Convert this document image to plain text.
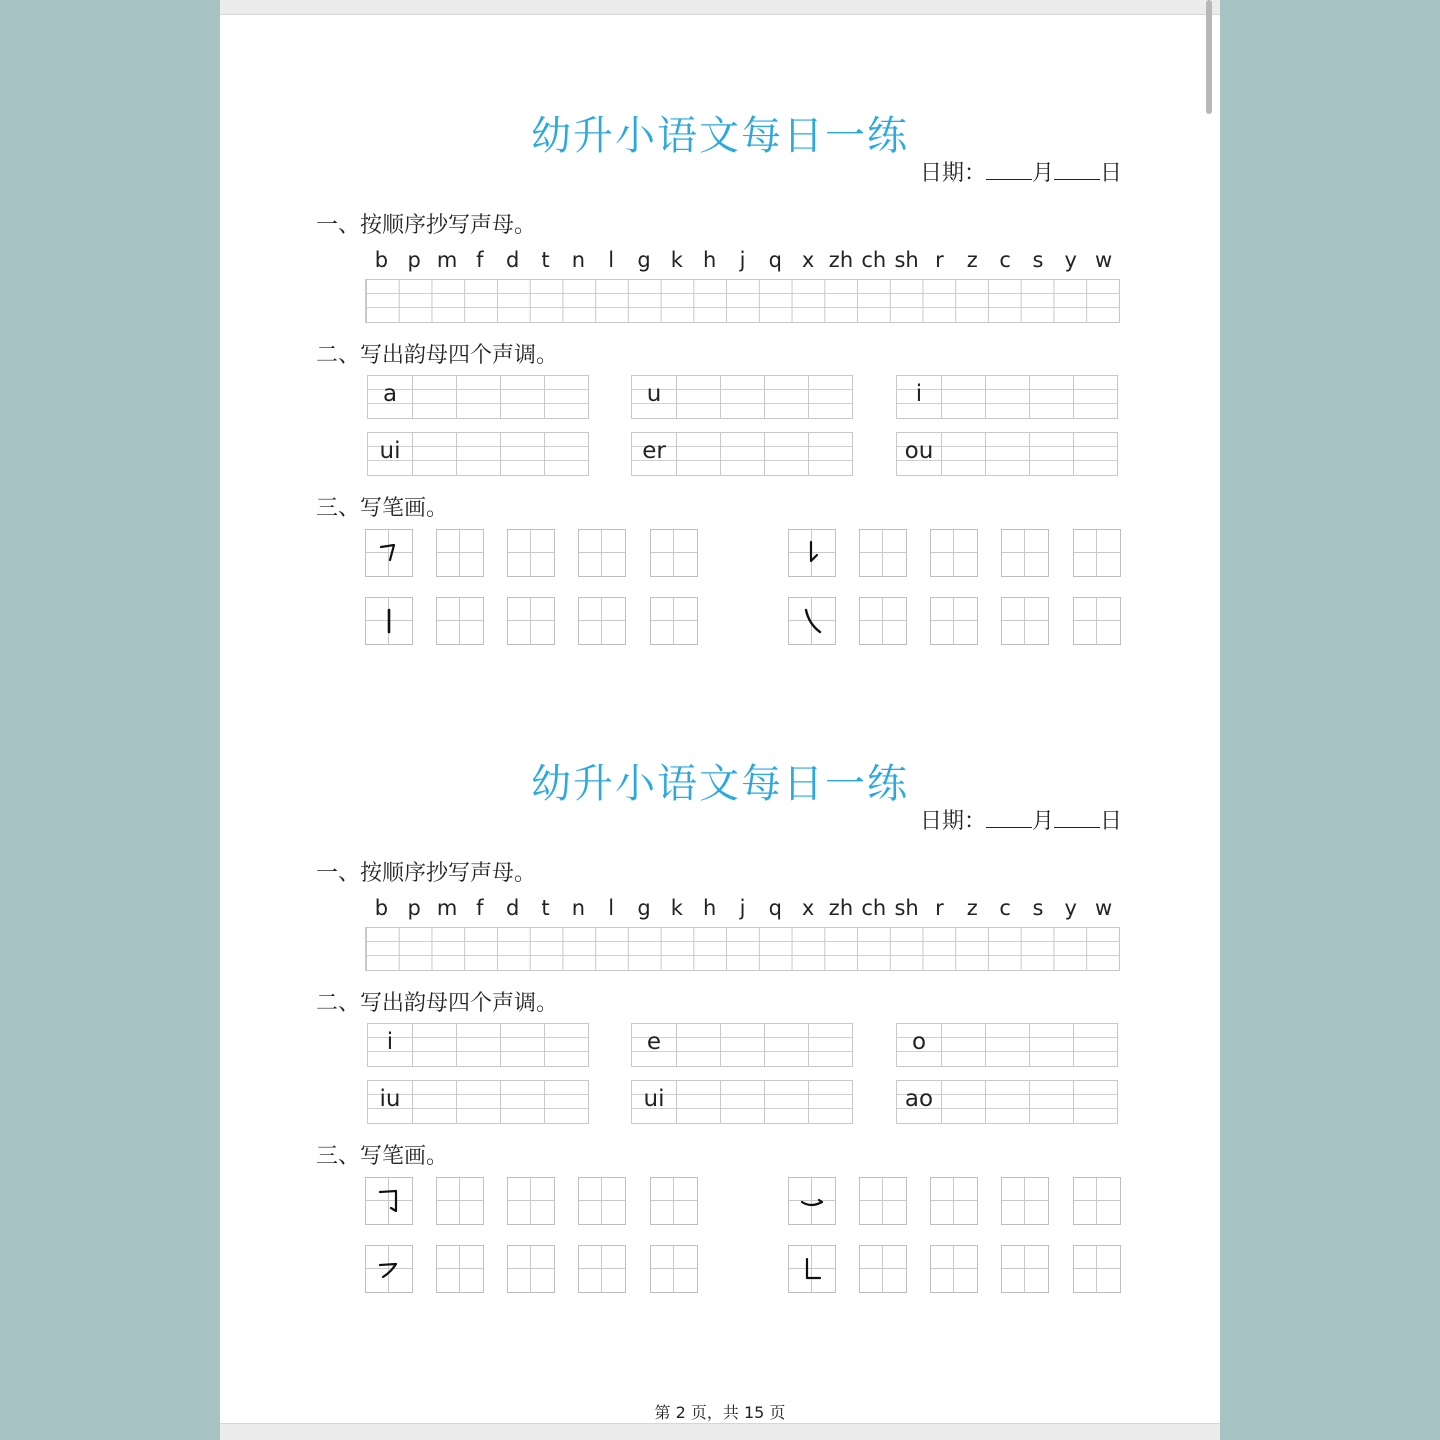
幼升小语文每日一练
日期： 月 日
一、按顺序抄写声母。
b p m f	d	t	n	l	g k h	j	q x zh ch sh r	z	c	s	y w
二、写出韵母四个声调。
a	u	i
ui	er	ou
三、写笔画。
幼升小语文每日一练
日期： 月 日
一、按顺序抄写声母。
b p m f	d	t	n	l	g k h	j	q x zh ch sh r	z	c	s	y w
二、写出韵母四个声调。
i	e	o
iu	ui	ao
三、写笔画。
第 2 页，共 15 页
